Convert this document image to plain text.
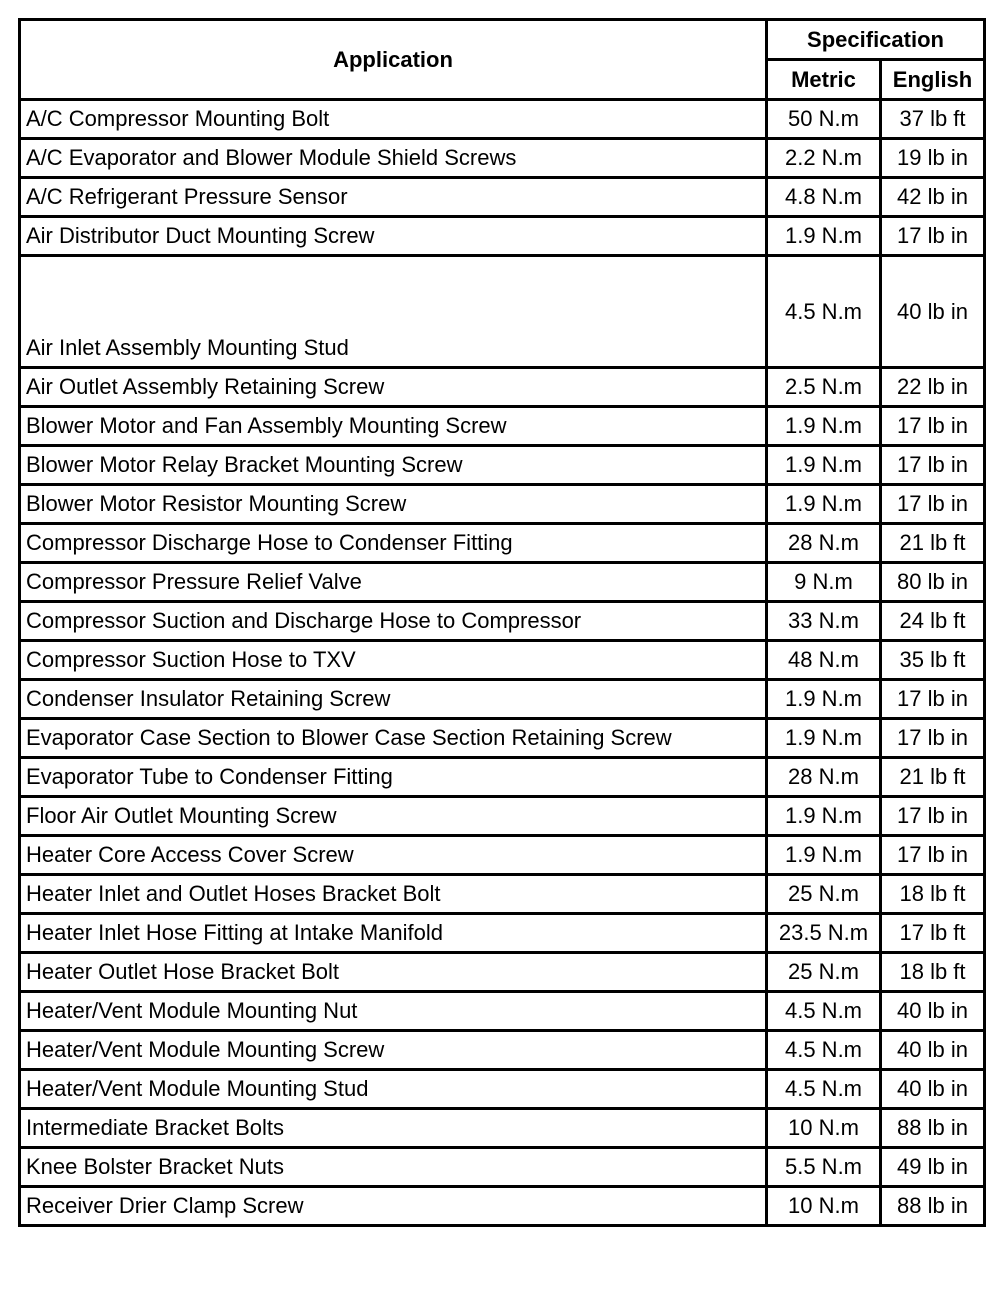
Application	Specification	
	Metric	English
A/C Compressor Mounting Bolt	50 N.m	37 lb ft
A/C Evaporator and Blower Module Shield Screws	2.2 N.m	19 lb in
A/C Refrigerant Pressure Sensor	4.8 N.m	42 lb in
Air Distributor Duct Mounting Screw	1.9 N.m	17 lb in
Air Inlet Assembly Mounting Stud	4.5 N.m	40 lb in
Air Outlet Assembly Retaining Screw	2.5 N.m	22 lb in
Blower Motor and Fan Assembly Mounting Screw	1.9 N.m	17 lb in
Blower Motor Relay Bracket Mounting Screw	1.9 N.m	17 lb in
Blower Motor Resistor Mounting Screw	1.9 N.m	17 lb in
Compressor Discharge Hose to Condenser Fitting	28 N.m	21 lb ft
Compressor Pressure Relief Valve	9 N.m	80 lb in
Compressor Suction and Discharge Hose to Compressor	33 N.m	24 lb ft
Compressor Suction Hose to TXV	48 N.m	35 lb ft
Condenser Insulator Retaining Screw	1.9 N.m	17 lb in
Evaporator Case Section to Blower Case Section Retaining Screw	1.9 N.m	17 lb in
Evaporator Tube to Condenser Fitting	28 N.m	21 lb ft
Floor Air Outlet Mounting Screw	1.9 N.m	17 lb in
Heater Core Access Cover Screw	1.9 N.m	17 lb in
Heater Inlet and Outlet Hoses Bracket Bolt	25 N.m	18 lb ft
Heater Inlet Hose Fitting at Intake Manifold	23.5 N.m	17 lb ft
Heater Outlet Hose Bracket Bolt	25 N.m	18 lb ft
Heater/Vent Module Mounting Nut	4.5 N.m	40 lb in
Heater/Vent Module Mounting Screw	4.5 N.m	40 lb in
Heater/Vent Module Mounting Stud	4.5 N.m	40 lb in
Intermediate Bracket Bolts	10 N.m	88 lb in
Knee Bolster Bracket Nuts	5.5 N.m	49 lb in
Receiver Drier Clamp Screw	10 N.m	88 lb in
